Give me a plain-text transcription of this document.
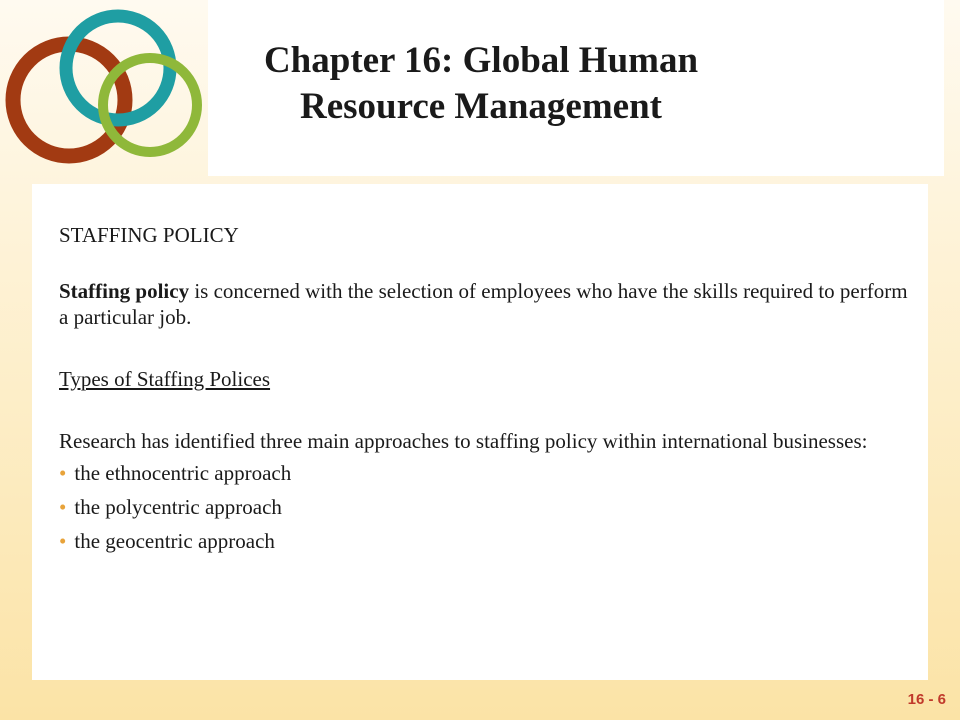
Chapter 16: Global Human Resource Management

STAFFING POLICY

Staffing policy is concerned with the selection of employees who have the skills required to perform a particular job.

Types of Staffing Polices

Research has identified three main approaches to staffing policy within international businesses:

• the ethnocentric approach
• the polycentric approach
• the geocentric approach
16 - 6
